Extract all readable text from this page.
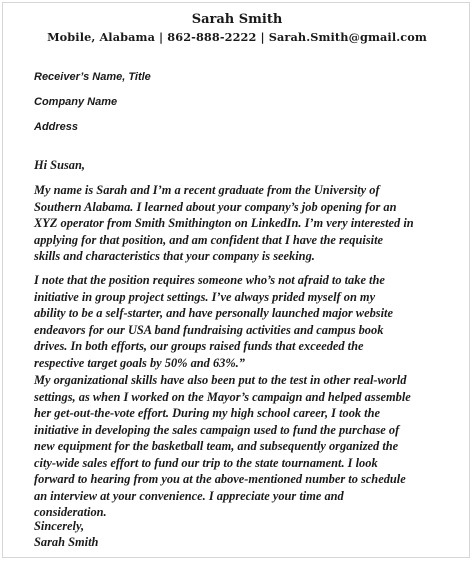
Sarah Smith
Mobile, Alabama | 862-888-2222 | Sarah.Smith@gmail.com
Receiver’s Name, Title
Company Name
Address
Hi Susan,
My name is Sarah and I’m a recent graduate from the University of
Southern Alabama. I learned about your company’s job opening for an
XYZ operator from Smith Smithington on LinkedIn. I’m very interested in
applying for that position, and am confident that I have the requisite
skills and characteristics that your company is seeking.
I note that the position requires someone who’s not afraid to take the
initiative in group project settings. I’ve always prided myself on my
ability to be a self-starter, and have personally launched major website
endeavors for our USA band fundraising activities and campus book
drives. In both efforts, our groups raised funds that exceeded the
respective target goals by 50% and 63%.”
My organizational skills have also been put to the test in other real-world
settings, as when I worked on the Mayor’s campaign and helped assemble
her get-out-the-vote effort. During my high school career, I took the
initiative in developing the sales campaign used to fund the purchase of
new equipment for the basketball team, and subsequently organized the
city-wide sales effort to fund our trip to the state tournament. I look
forward to hearing from you at the above-mentioned number to schedule
an interview at your convenience. I appreciate your time and
consideration.
Sincerely,
Sarah Smith
